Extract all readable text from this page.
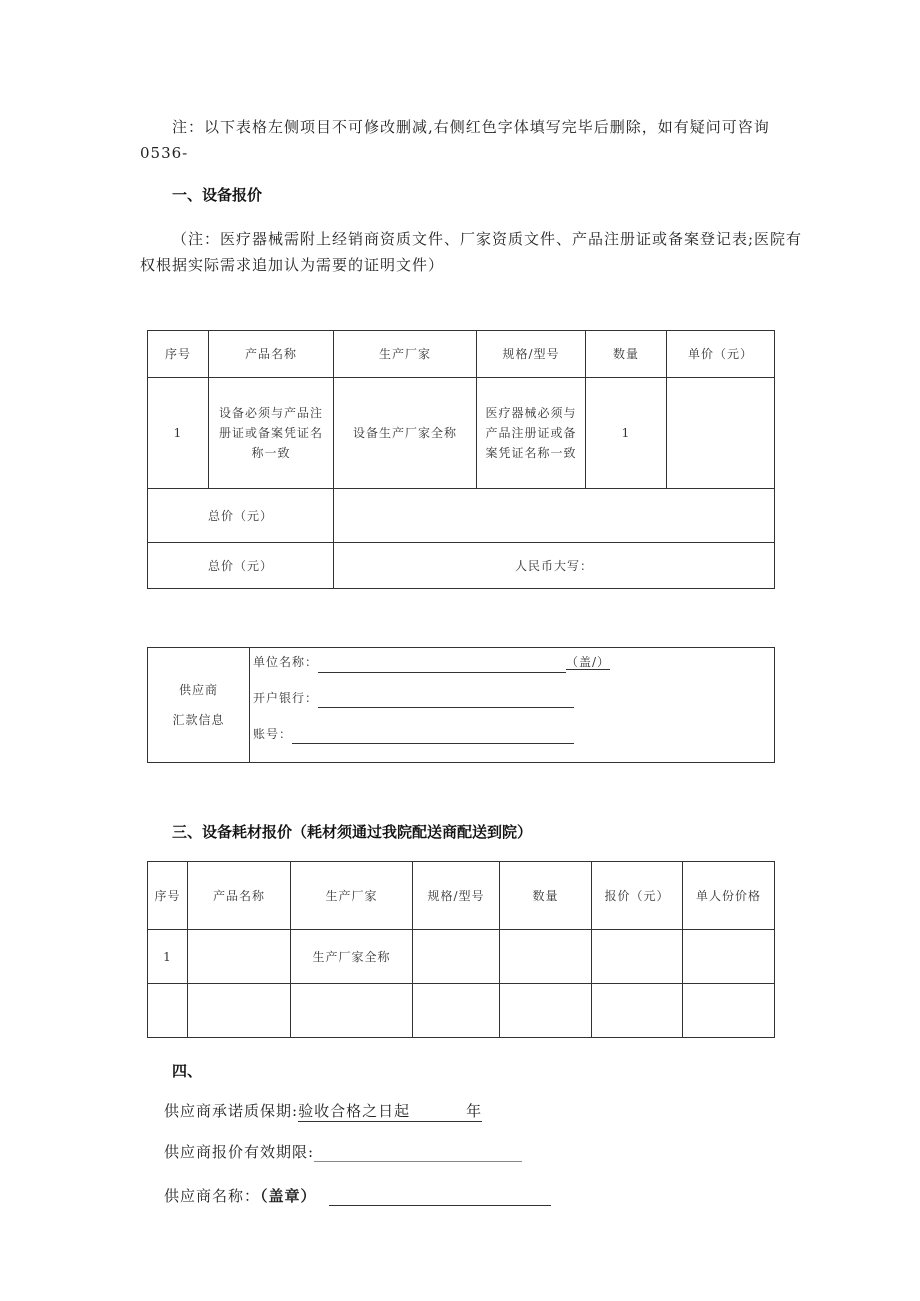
注：以下表格左侧项目不可修改删减,右侧红色字体填写完毕后删除，如有疑问可咨询
0536-
一、设备报价
（注：医疗器械需附上经销商资质文件、厂家资质文件、产品注册证或备案登记表;医院有
权根据实际需求追加认为需要的证明文件）
序号	产品名称	生产厂家	规格/型号	数量	单价（元）
1	设备必须与产品注册证或备案凭证名称一致	设备生产厂家全称	医疗器械必须与产品注册证或备案凭证名称一致	1	
总价（元）					
总价（元）		人民币大写：			
供应商
汇款信息

单位名称：	（盖/）
开户银行：
账号：
三、设备耗材报价（耗材须通过我院配送商配送到院）
序号	产品名称	生产厂家	规格/型号	数量	报价（元）	单人份价格
1		生产厂家全称				

四、
供应商承诺质保期:验收合格之日起	年
供应商报价有效期限:
供应商名称：（盖章）
